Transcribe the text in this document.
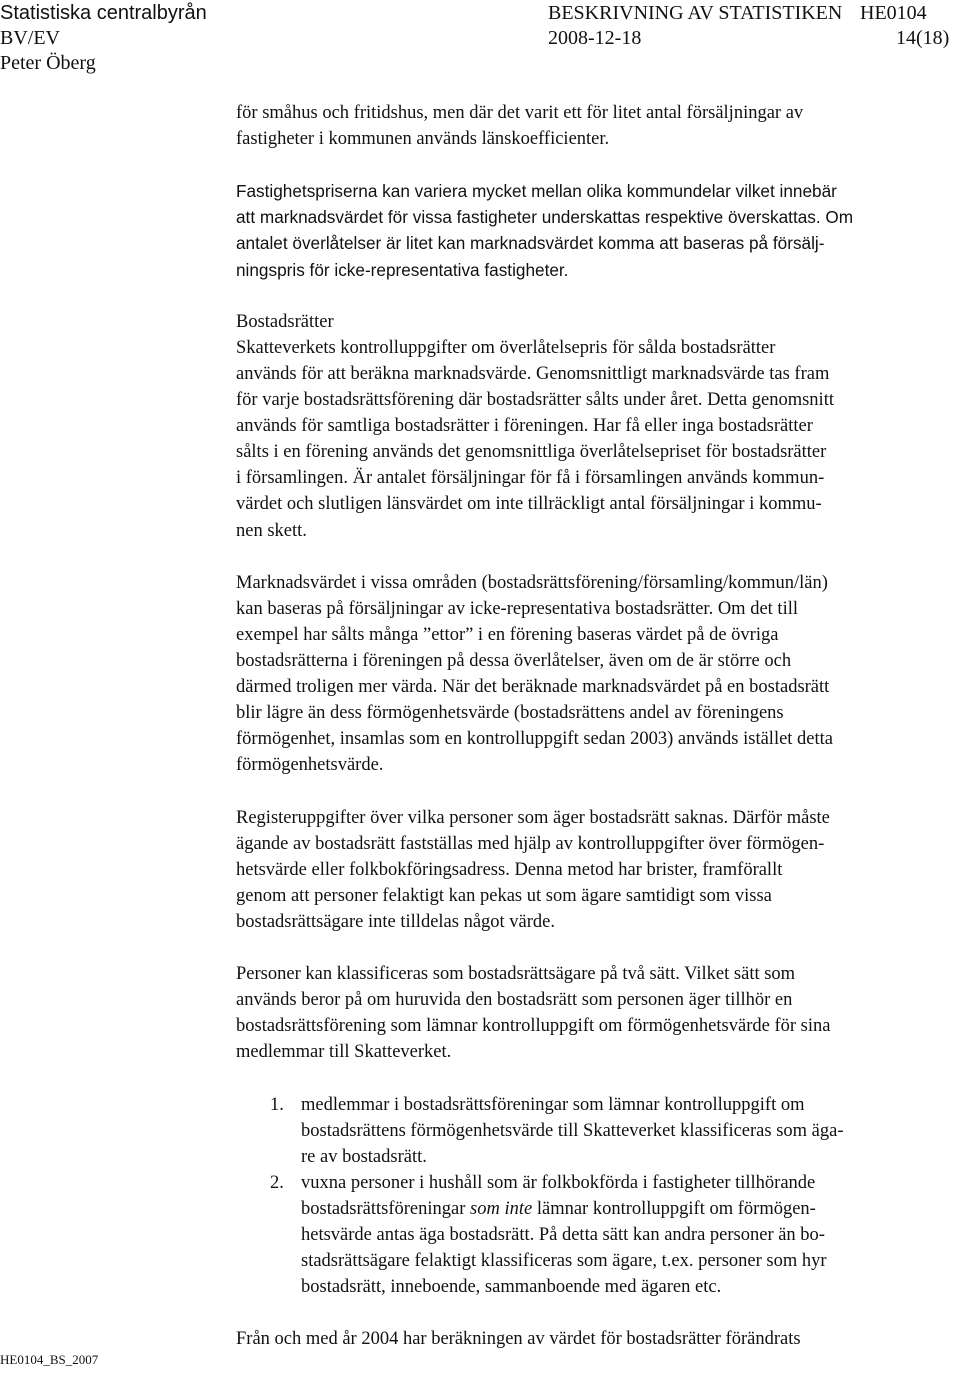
Statistiska centralbyrån	BESKRIVNING AV STATISTIKEN HE0104
BV/EV	2008-12-18	14(18)
Peter Öberg
för småhus och fritidshus, men där det varit ett för litet antal försäljningar av
fastigheter i kommunen används länskoefficienter.
Fastighetspriserna kan variera mycket mellan olika kommundelar vilket innebär
att marknadsvärdet för vissa fastigheter underskattas respektive överskattas. Om
antalet överlåtelser är litet kan marknadsvärdet komma att baseras på försälj-
ningspris för icke-representativa fastigheter.
Bostadsrätter
Skatteverkets kontrolluppgifter om överlåtelsepris för sålda bostadsrätter
används för att beräkna marknadsvärde. Genomsnittligt marknadsvärde tas fram
för varje bostadsrättsförening där bostadsrätter sålts under året. Detta genomsnitt
används för samtliga bostadsrätter i föreningen. Har få eller inga bostadsrätter
sålts i en förening används det genomsnittliga överlåtelsepriset för bostadsrätter
i församlingen. Är antalet försäljningar för få i församlingen används kommun-
värdet och slutligen länsvärdet om inte tillräckligt antal försäljningar i kommu-
nen skett.
Marknadsvärdet i vissa områden (bostadsrättsförening/församling/kommun/län)
kan baseras på försäljningar av icke-representativa bostadsrätter. Om det till
exempel har sålts många ”ettor” i en förening baseras värdet på de övriga
bostadsrätterna i föreningen på dessa överlåtelser, även om de är större och
därmed troligen mer värda. När det beräknade marknadsvärdet på en bostadsrätt
blir lägre än dess förmögenhetsvärde (bostadsrättens andel av föreningens
förmögenhet, insamlas som en kontrolluppgift sedan 2003) används istället detta
förmögenhetsvärde.
Registeruppgifter över vilka personer som äger bostadsrätt saknas. Därför måste
ägande av bostadsrätt fastställas med hjälp av kontrolluppgifter över förmögen-
hetsvärde eller folkbokföringsadress. Denna metod har brister, framförallt
genom att personer felaktigt kan pekas ut som ägare samtidigt som vissa
bostadsrättsägare inte tilldelas något värde.
Personer kan klassificeras som bostadsrättsägare på två sätt. Vilket sätt som
används beror på om huruvida den bostadsrätt som personen äger tillhör en
bostadsrättsförening som lämnar kontrolluppgift om förmögenhetsvärde för sina
medlemmar till Skatteverket.
1. medlemmar i bostadsrättsföreningar som lämnar kontrolluppgift om
bostadsrättens förmögenhetsvärde till Skatteverket klassificeras som äga-
re av bostadsrätt.
2. vuxna personer i hushåll som är folkbokförda i fastigheter tillhörande
bostadsrättsföreningar som inte lämnar kontrolluppgift om förmögen-
hetsvärde antas äga bostadsrätt. På detta sätt kan andra personer än bo-
stadsrättsägare felaktigt klassificeras som ägare, t.ex. personer som hyr
bostadsrätt, inneboende, sammanboende med ägaren etc.
Från och med år 2004 har beräkningen av värdet för bostadsrätter förändrats
HE0104_BS_2007
